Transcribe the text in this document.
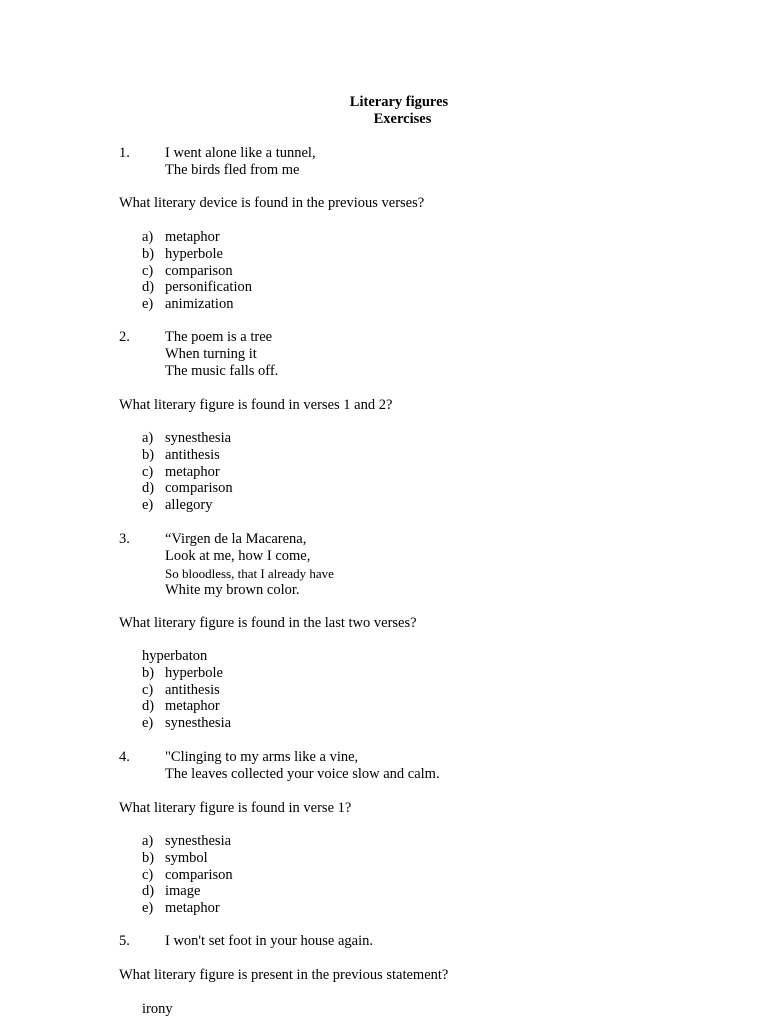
Literary figures
Exercises
1.	I went alone like a tunnel,
The birds fled from me
What literary device is found in the previous verses?
a) metaphor
b) hyperbole
c) comparison
d) personification
e) animization
2.	The poem is a tree
When turning it
The music falls off.
What literary figure is found in verses 1 and 2?
a) synesthesia
b) antithesis
c) metaphor
d) comparison
e) allegory
3.	“Virgen de la Macarena,
Look at me, how I come,
So bloodless, that I already have
White my brown color.
What literary figure is found in the last two verses?
hyperbaton
b) hyperbole
c) antithesis
d) metaphor
e) synesthesia
4.	"Clinging to my arms like a vine,
The leaves collected your voice slow and calm.
What literary figure is found in verse 1?
a) synesthesia
b) symbol
c) comparison
d) image
e) metaphor
5.	I won't set foot in your house again.
What literary figure is present in the previous statement?
irony
